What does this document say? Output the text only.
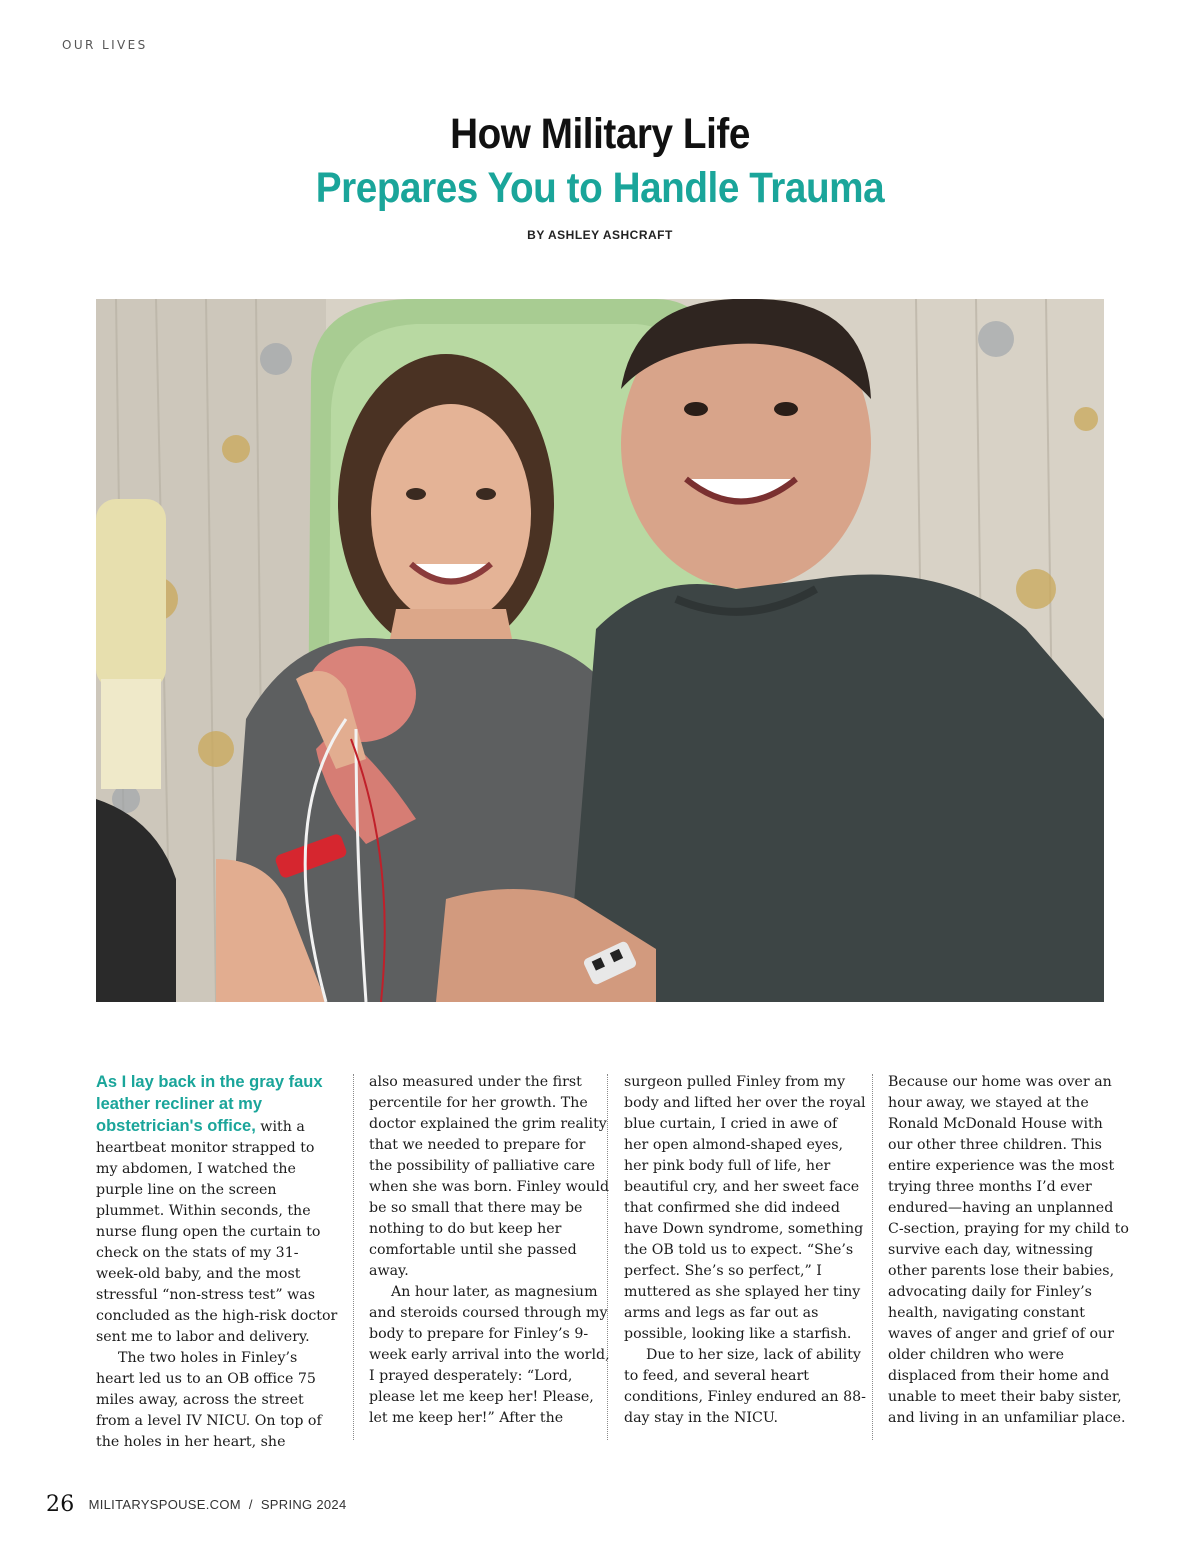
OUR LIVES
How Military Life
Prepares You to Handle Trauma
BY ASHLEY ASHCRAFT

As I lay back in the gray faux leather recliner at my obstetrician's office, with a heartbeat monitor strapped to my abdomen, I watched the purple line on the screen plummet. Within seconds, the nurse flung open the curtain to check on the stats of my 31-week-old baby, and the most stressful “non-stress test” was concluded as the high-risk doctor sent me to labor and delivery.

The two holes in Finley’s heart led us to an OB office 75 miles away, across the street from a level IV NICU. On top of the holes in her heart, she

also measured under the first percentile for her growth. The doctor explained the grim reality that we needed to prepare for the possibility of palliative care when she was born. Finley would be so small that there may be nothing to do but keep her comfortable until she passed away.

An hour later, as magnesium and steroids coursed through my body to prepare for Finley’s 9-week early arrival into the world, I prayed desperately: “Lord, please let me keep her! Please, let me keep her!” After the

surgeon pulled Finley from my body and lifted her over the royal blue curtain, I cried in awe of her open almond-shaped eyes, her pink body full of life, her beautiful cry, and her sweet face that confirmed she did indeed have Down syndrome, something the OB told us to expect. “She’s perfect. She’s so perfect,” I muttered as she splayed her tiny arms and legs as far out as possible, looking like a starfish.

Due to her size, lack of ability to feed, and several heart conditions, Finley endured an 88-day stay in the NICU.

Because our home was over an hour away, we stayed at the Ronald McDonald House with our other three children. This entire experience was the most trying three months I’d ever endured—having an unplanned C-section, praying for my child to survive each day, witnessing other parents lose their babies, advocating daily for Finley’s health, navigating constant waves of anger and grief of our older children who were displaced from their home and unable to meet their baby sister, and living in an unfamiliar place.

26 MILITARYSPOUSE.COM / SPRING 2024
